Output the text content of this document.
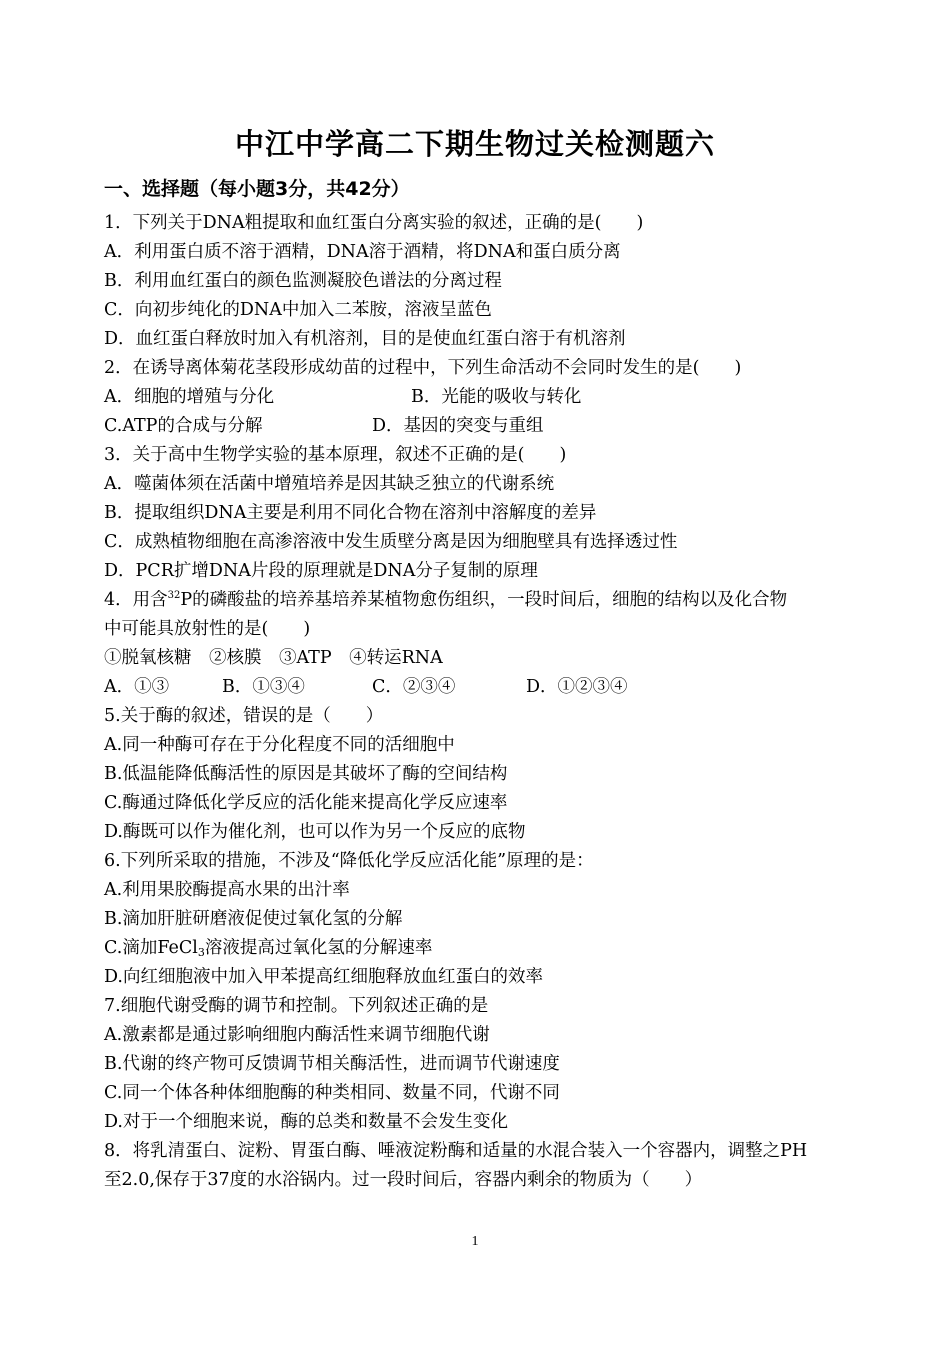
中江中学高二下期生物过关检测题六
一、选择题（每小题3分，共42分）
1．下列关于DNA粗提取和血红蛋白分离实验的叙述，正确的是(　　)
A．利用蛋白质不溶于酒精，DNA溶于酒精，将DNA和蛋白质分离
B．利用血红蛋白的颜色监测凝胶色谱法的分离过程
C．向初步纯化的DNA中加入二苯胺，溶液呈蓝色
D．血红蛋白释放时加入有机溶剂，目的是使血红蛋白溶于有机溶剂
2．在诱导离体菊花茎段形成幼苗的过程中，下列生命活动不会同时发生的是(　　)
A．细胞的增殖与分化	B．光能的吸收与转化
C.ATP的合成与分解	D．基因的突变与重组
3．关于高中生物学实验的基本原理，叙述不正确的是(　　)
A．噬菌体须在活菌中增殖培养是因其缺乏独立的代谢系统
B．提取组织DNA主要是利用不同化合物在溶剂中溶解度的差异
C．成熟植物细胞在高渗溶液中发生质壁分离是因为细胞壁具有选择透过性
D．PCR扩增DNA片段的原理就是DNA分子复制的原理
4．用含$^{32}$P的磷酸盐的培养基培养某植物愈伤组织，一段时间后，细胞的结构以及化合物
中可能具放射性的是(　　)
①脱氧核糖　②核膜　③ATP　④转运RNA
A．①③	B．①③④	C．②③④	D．①②③④
5.关于酶的叙述，错误的是（　　）
A.同一种酶可存在于分化程度不同的活细胞中
B.低温能降低酶活性的原因是其破坏了酶的空间结构
C.酶通过降低化学反应的活化能来提高化学反应速率
D.酶既可以作为催化剂，也可以作为另一个反应的底物
6.下列所采取的措施，不涉及“降低化学反应活化能”原理的是：
A.利用果胶酶提高水果的出汁率
B.滴加肝脏研磨液促使过氧化氢的分解
C.滴加FeCl$_3$溶液提高过氧化氢的分解速率
D.向红细胞液中加入甲苯提高红细胞释放血红蛋白的效率
7.细胞代谢受酶的调节和控制。下列叙述正确的是
A.激素都是通过影响细胞内酶活性来调节细胞代谢
B.代谢的终产物可反馈调节相关酶活性，进而调节代谢速度
C.同一个体各种体细胞酶的种类相同、数量不同，代谢不同
D.对于一个细胞来说，酶的总类和数量不会发生变化
8．将乳清蛋白、淀粉、胃蛋白酶、唾液淀粉酶和适量的水混合装入一个容器内，调整之PH
至2.0,保存于37度的水浴锅内。过一段时间后，容器内剩余的物质为（　　）
1
